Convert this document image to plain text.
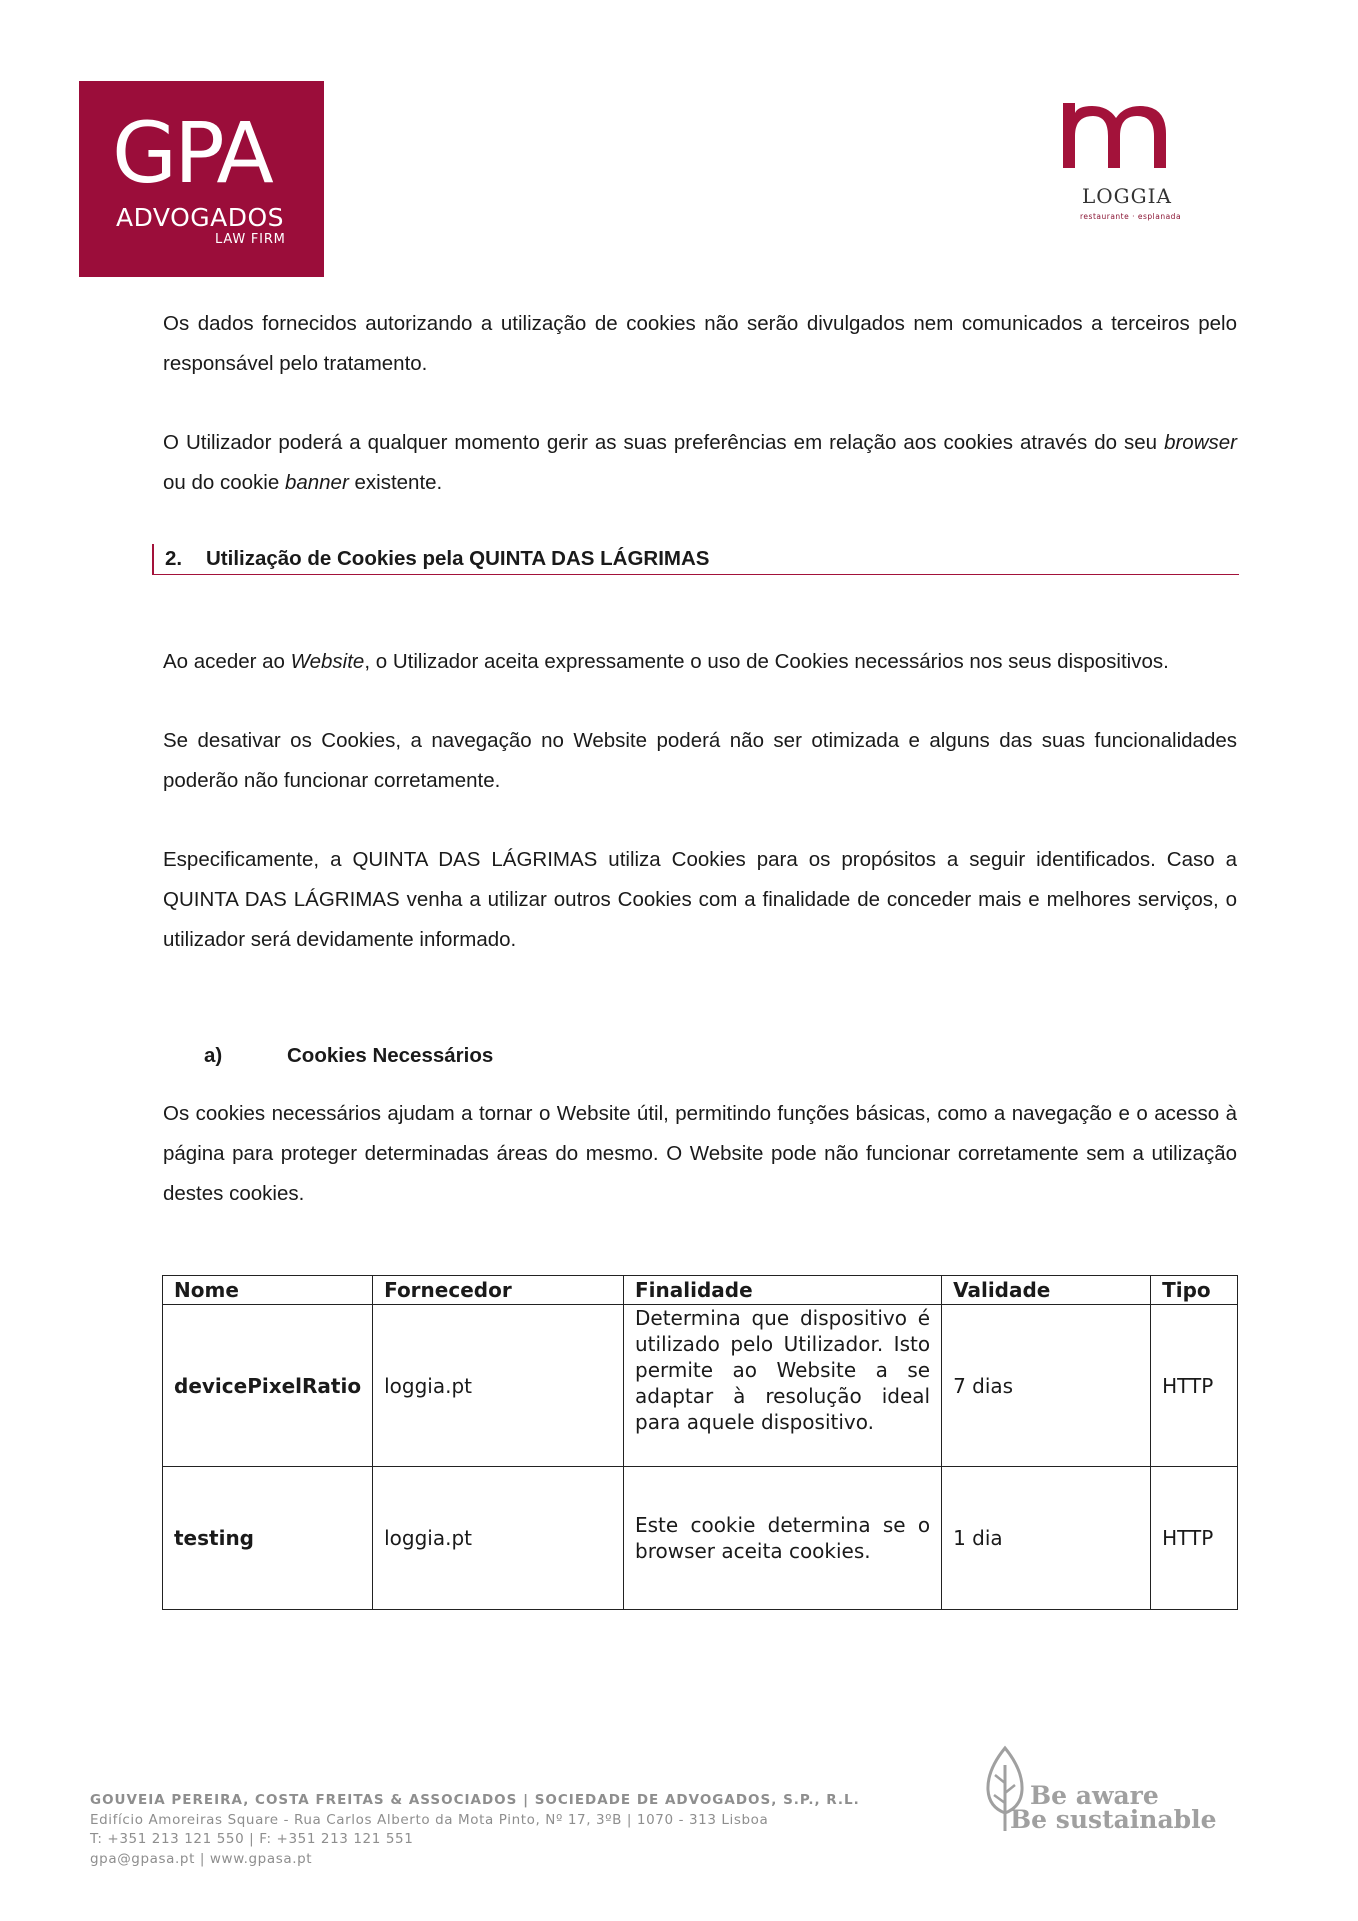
GPA
ADVOGADOS
LAW FIRM
LOGGIA
restaurante · esplanada

Os dados fornecidos autorizando a utilização de cookies não serão divulgados nem comunicados a terceiros pelo responsável pelo tratamento.

O Utilizador poderá a qualquer momento gerir as suas preferências em relação aos cookies através do seu browser ou do cookie banner existente.

2. Utilização de Cookies pela QUINTA DAS LÁGRIMAS

Ao aceder ao Website, o Utilizador aceita expressamente o uso de Cookies necessários nos seus dispositivos.

Se desativar os Cookies, a navegação no Website poderá não ser otimizada e alguns das suas funcionalidades poderão não funcionar corretamente.

Especificamente, a QUINTA DAS LÁGRIMAS utiliza Cookies para os propósitos a seguir identificados. Caso a QUINTA DAS LÁGRIMAS venha a utilizar outros Cookies com a finalidade de conceder mais e melhores serviços, o utilizador será devidamente informado.

a)	Cookies Necessários

Os cookies necessários ajudam a tornar o Website útil, permitindo funções básicas, como a navegação e o acesso à página para proteger determinadas áreas do mesmo. O Website pode não funcionar corretamente sem a utilização destes cookies.

Nome	Fornecedor	Finalidade	Validade	Tipo
devicePixelRatio	loggia.pt	Determina que dispositivo é utilizado pelo Utilizador. Isto permite ao Website a se adaptar à resolução ideal para aquele dispositivo.	7 dias	HTTP
testing	loggia.pt	Este cookie determina se o browser aceita cookies.	1 dia	HTTP
GOUVEIA PEREIRA, COSTA FREITAS & ASSOCIADOS | SOCIEDADE DE ADVOGADOS, S.P., R.L.
Edifício Amoreiras Square - Rua Carlos Alberto da Mota Pinto, Nº 17, 3ºB | 1070 - 313 Lisboa
T: +351 213 121 550 | F: +351 213 121 551
gpa@gpasa.pt | www.gpasa.pt
Be aware
Be sustainable
